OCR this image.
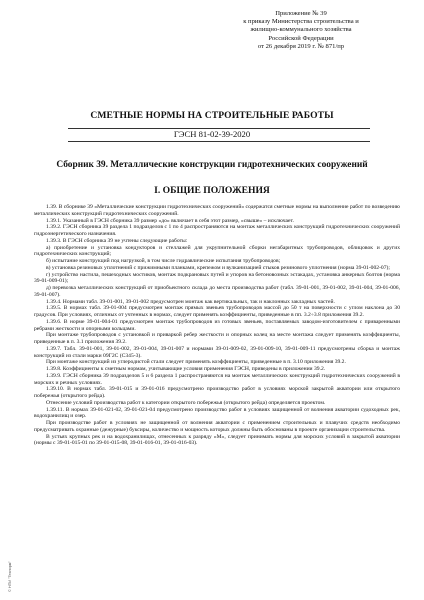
Приложение № 39
к приказу Министерства строительства и
жилищно-коммунального хозяйства
Российской Федерации
от 26 декабря 2019 г. № 871/пр
СМЕТНЫЕ НОРМЫ НА СТРОИТЕЛЬНЫЕ РАБОТЫ
ГЭСН 81-02-39-2020
Сборник 39. Металлические конструкции гидротехнических сооружений
I. ОБЩИЕ ПОЛОЖЕНИЯ

1.39. В сборнике 39 «Металлические конструкции гидротехнических сооружений» содержатся сметные нормы на выполнение работ по возведению металлических конструкций гидротехнических сооружений.

1.39.1. Указанный в ГЭСН сборника 39 размер «до» включает в себя этот размер, «свыше» – исключает.

1.39.2. ГЭСН сборника 39 раздела 1 подразделов с 1 по 4 распространяются на монтаж металлических конструкций гидротехнических сооружений гидроэнергетического назначения.

1.39.3. В ГЭСН сборника 39 не учтены следующие работы:

а) приобретение и установка кондукторов и стеллажей для укрупнительной сборки негабаритных трубопроводов, облицовок и других гидротехнических конструкций;

б) испытание конструкций под нагрузкой, в том числе гидравлические испытания трубопроводов;

в) установка резиновых уплотнений с прижимными планками, крепежом и вулканизацией стыков резинового уплотнения (норма 39-01-002-07);

г) устройство настила, пешеходных мостиков, монтаж подкрановых путей и упоров на бетоновозных эстакадах, установка анкерных болтов (норма 39-01-009-01);

д) перевозка металлических конструкций от приобъектного склада до места производства работ (табл. 39-01-001, 39-01-002, 39-01-004, 39-01-006, 39-01-007).

1.39.4. Нормами табл. 39-01-001, 39-01-002 предусмотрен монтаж как вертикальных, так и наклонных закладных частей.

1.39.5. В нормах табл. 39-01-004 предусмотрен монтаж прямых звеньев трубопроводов массой до 50 т на поверхности с углом наклона до 30 градусов. При условиях, отличных от учтенных в нормах, следует применять коэффициенты, приведенные в пп. 3.2÷3.8 приложения 39.2.

1.39.6. В норме 39-01-004-01 предусмотрен монтаж трубопроводов из готовых звеньев, поставляемых заводом-изготовителем с приваренными ребрами жесткости и опорными кольцами.

При монтаже трубопроводов с установкой и приваркой ребер жесткости и опорных колец на месте монтажа следует применять коэффициенты, приведенные в п. 3.1 приложения 39.2.

1.39.7. Табл. 39-01-001, 39-01-002, 39-01-004, 39-01-007 и нормами 39-01-009-02, 39-01-009-10, 39-01-009-11 предусмотрены сборка и монтаж конструкций из стали марки 09Г2С (С345-3).

При монтаже конструкций из углеродистой стали следует применять коэффициенты, приведенные в п. 3.10 приложения 39.2.

1.39.8. Коэффициенты к сметным нормам, учитывающие условия применения ГЭСН, приведены в приложении 39.2.

1.39.9. ГЭСН сборника 39 подразделов 5 и 6 раздела 1 распространяются на монтаж металлических конструкций гидротехнических сооружений в морских и речных условиях.

1.39.10. В нормах табл. 39-01-015 и 39-01-016 предусмотрено производство работ в условиях морской закрытой акватории или открытого побережья (открытого рейда).

Отнесение условий производства работ к категории открытого побережья (открытого рейда) определяется проектом.

1.39.11. В нормах 39-01-021-02, 39-01-021-04 предусмотрено производство работ в условиях защищенной от волнения акватории судоходных рек, водохранилищ и озер.

При производстве работ в условиях не защищенной от волнения акватории с применением строительных и плавучих средств необходимо предусматривать охранные (дежурные) буксиры, количество и мощность которых должны быть обоснованы в проекте организации строительства.

В устьях крупных рек и на водохранилищах, отнесенных к разряду «М», следует принимать нормы для морских условий в закрытой акватории (нормы с 39-01-015-01 по 39-01-015-08, 39-01-016-01, 39-01-016-03).

© НПИ "Технорм"
